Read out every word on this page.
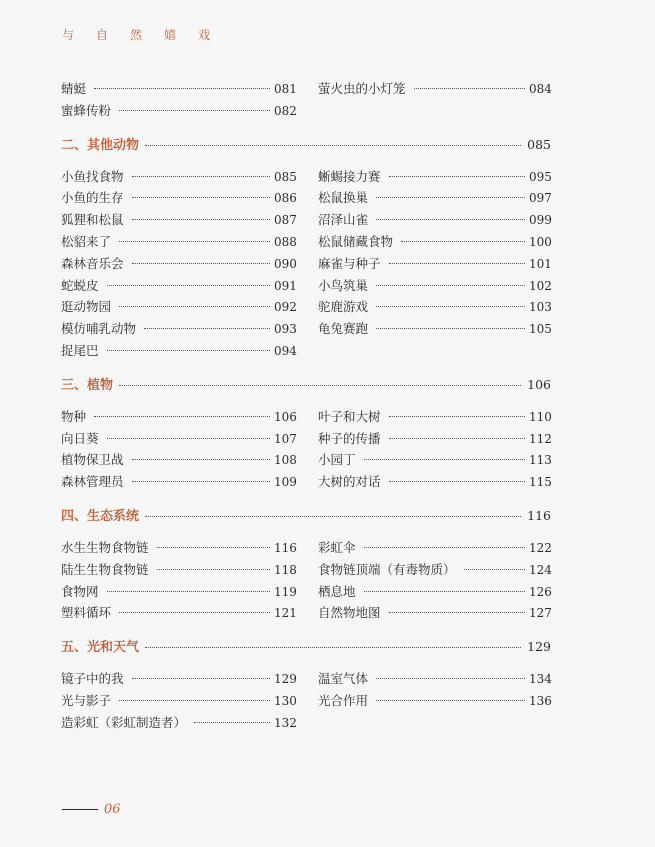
与 自 然 嬉 戏
蜻蜓	081
蜜蜂传粉	082
萤火虫的小灯笼	084
二、其他动物	085
小鱼找食物	085
小鱼的生存	086
狐狸和松鼠	087
松貂来了	088
森林音乐会	090
蛇蜕皮	091
逛动物园	092
模仿哺乳动物	093
捉尾巴	094
蜥蜴接力赛	095
松鼠换巢	097
沼泽山雀	099
松鼠储藏食物	100
麻雀与种子	101
小鸟筑巢	102
驼鹿游戏	103
龟兔赛跑	105
三、植物	106
物种	106
向日葵	107
植物保卫战	108
森林管理员	109
叶子和大树	110
种子的传播	112
小园丁	113
大树的对话	115
四、生态系统	116
水生生物食物链	116
陆生生物食物链	118
食物网	119
塑料循环	121
彩虹伞	122
食物链顶端（有毒物质）	124
栖息地	126
自然物地图	127
五、光和天气	129
镜子中的我	129
光与影子	130
造彩虹（彩虹制造者）	132
温室气体	134
光合作用	136
06
